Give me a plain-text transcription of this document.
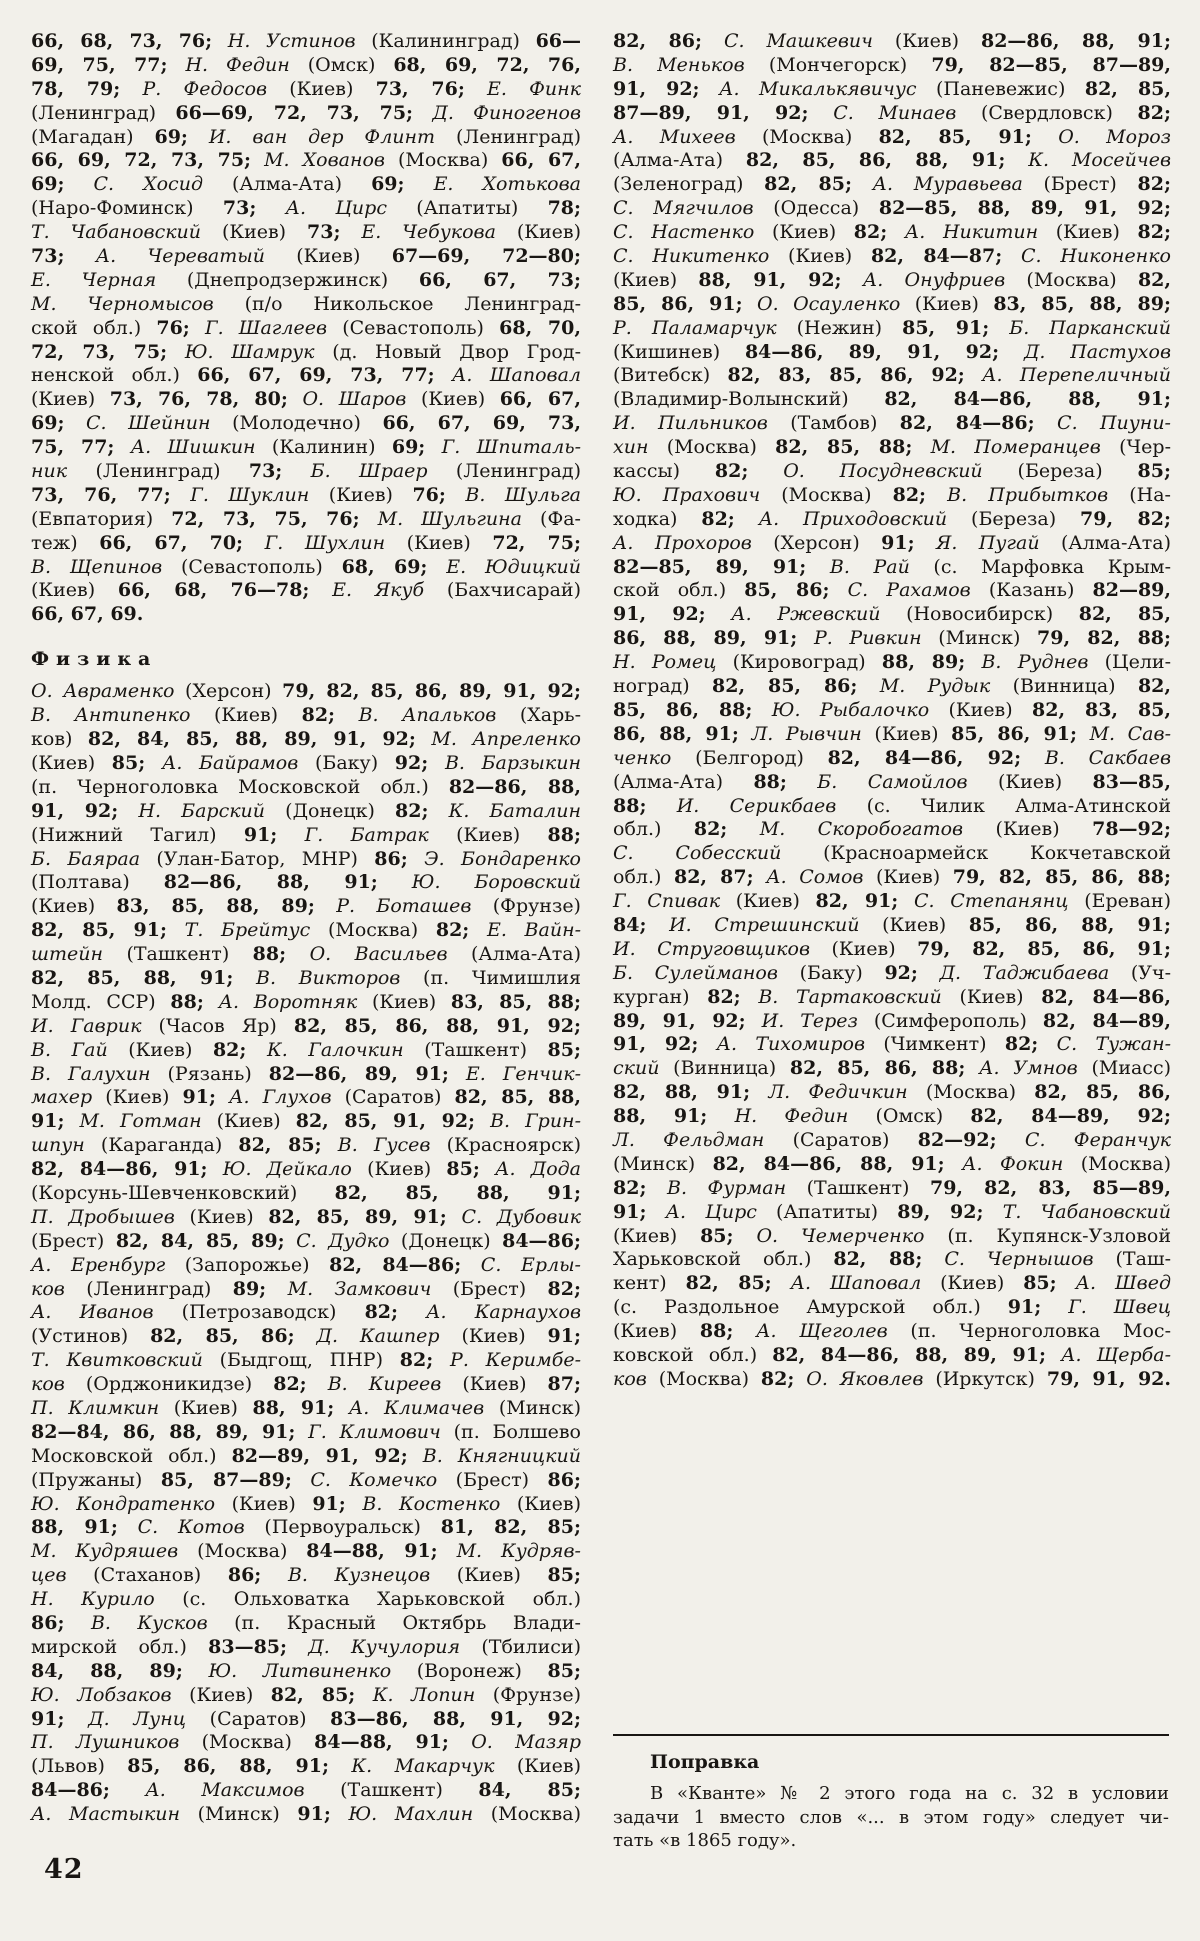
66, 68, 73, 76; Н. Устинов (Калининград) 66—
69, 75, 77; Н. Федин (Омск) 68, 69, 72, 76,
78, 79; Р. Федосов (Киев) 73, 76; Е. Финк
(Ленинград) 66—69, 72, 73, 75; Д. Финогенов
(Магадан) 69; И. ван дер Флинт (Ленинград)
66, 69, 72, 73, 75; М. Хованов (Москва) 66, 67,
69; С. Хосид (Алма-Ата) 69; Е. Хотькова
(Наро-Фоминск) 73; А. Цирс (Апатиты) 78;
Т. Чабановский (Киев) 73; Е. Чебукова (Киев)
73; А. Череватый (Киев) 67—69, 72—80;
Е. Черная (Днепродзержинск) 66, 67, 73;
М. Черномысов (п/о Никольское Ленинград-
ской обл.) 76; Г. Шаглеев (Севастополь) 68, 70,
72, 73, 75; Ю. Шамрук (д. Новый Двор Грод-
ненской обл.) 66, 67, 69, 73, 77; А. Шаповал
(Киев) 73, 76, 78, 80; О. Шаров (Киев) 66, 67,
69; С. Шейнин (Молодечно) 66, 67, 69, 73,
75, 77; А. Шишкин (Калинин) 69; Г. Шпиталь-
ник (Ленинград) 73; Б. Шраер (Ленинград)
73, 76, 77; Г. Шуклин (Киев) 76; В. Шульга
(Евпатория) 72, 73, 75, 76; М. Шульгина (Фа-
теж) 66, 67, 70; Г. Шухлин (Киев) 72, 75;
В. Щепинов (Севастополь) 68, 69; Е. Юдицкий
(Киев) 66, 68, 76—78; Е. Якуб (Бахчисарай)
66, 67, 69.
Физика
О. Авраменко (Херсон) 79, 82, 85, 86, 89, 91, 92;
В. Антипенко (Киев) 82; В. Апальков (Харь-
ков) 82, 84, 85, 88, 89, 91, 92; М. Апреленко
(Киев) 85; А. Байрамов (Баку) 92; В. Барзыкин
(п. Черноголовка Московской обл.) 82—86, 88,
91, 92; Н. Барский (Донецк) 82; К. Баталин
(Нижний Тагил) 91; Г. Батрак (Киев) 88;
Б. Баяраа (Улан-Батор, МНР) 86; Э. Бондаренко
(Полтава) 82—86, 88, 91; Ю. Боровский
(Киев) 83, 85, 88, 89; Р. Боташев (Фрунзе)
82, 85, 91; Т. Брейтус (Москва) 82; Е. Вайн-
штейн (Ташкент) 88; О. Васильев (Алма-Ата)
82, 85, 88, 91; В. Викторов (п. Чимишлия
Молд. ССР) 88; А. Воротняк (Киев) 83, 85, 88;
И. Гаврик (Часов Яр) 82, 85, 86, 88, 91, 92;
В. Гай (Киев) 82; К. Галочкин (Ташкент) 85;
В. Галухин (Рязань) 82—86, 89, 91; Е. Генчик-
махер (Киев) 91; А. Глухов (Саратов) 82, 85, 88,
91; М. Готман (Киев) 82, 85, 91, 92; В. Грин-
шпун (Караганда) 82, 85; В. Гусев (Красноярск)
82, 84—86, 91; Ю. Дейкало (Киев) 85; А. Дода
(Корсунь-Шевченковский) 82, 85, 88, 91;
П. Дробышев (Киев) 82, 85, 89, 91; С. Дубовик
(Брест) 82, 84, 85, 89; С. Дудко (Донецк) 84—86;
А. Еренбург (Запорожье) 82, 84—86; С. Ерлы-
ков (Ленинград) 89; М. Замкович (Брест) 82;
А. Иванов (Петрозаводск) 82; А. Карнаухов
(Устинов) 82, 85, 86; Д. Кашпер (Киев) 91;
Т. Квитковский (Быдгощ, ПНР) 82; Р. Керимбе-
ков (Орджоникидзе) 82; В. Киреев (Киев) 87;
П. Климкин (Киев) 88, 91; А. Климачев (Минск)
82—84, 86, 88, 89, 91; Г. Климович (п. Болшево
Московской обл.) 82—89, 91, 92; В. Княгницкий
(Пружаны) 85, 87—89; С. Комечко (Брест) 86;
Ю. Кондратенко (Киев) 91; В. Костенко (Киев)
88, 91; С. Котов (Первоуральск) 81, 82, 85;
М. Кудряшев (Москва) 84—88, 91; М. Кудряв-
цев (Стаханов) 86; В. Кузнецов (Киев) 85;
Н. Курило (с. Ольховатка Харьковской обл.)
86; В. Кусков (п. Красный Октябрь Влади-
мирской обл.) 83—85; Д. Кучулория (Тбилиси)
84, 88, 89; Ю. Литвиненко (Воронеж) 85;
Ю. Лобзаков (Киев) 82, 85; К. Лопин (Фрунзе)
91; Д. Лунц (Саратов) 83—86, 88, 91, 92;
П. Лушников (Москва) 84—88, 91; О. Мазяр
(Львов) 85, 86, 88, 91; К. Макарчук (Киев)
84—86; А. Максимов (Ташкент) 84, 85;
А. Мастыкин (Минск) 91; Ю. Махлин (Москва)
82, 86; С. Машкевич (Киев) 82—86, 88, 91;
В. Меньков (Мончегорск) 79, 82—85, 87—89,
91, 92; А. Микалькявичус (Паневежис) 82, 85,
87—89, 91, 92; С. Минаев (Свердловск) 82;
А. Михеев (Москва) 82, 85, 91; О. Мороз
(Алма-Ата) 82, 85, 86, 88, 91; К. Мосейчев
(Зеленоград) 82, 85; А. Муравьева (Брест) 82;
С. Мягчилов (Одесса) 82—85, 88, 89, 91, 92;
С. Настенко (Киев) 82; А. Никитин (Киев) 82;
С. Никитенко (Киев) 82, 84—87; С. Никоненко
(Киев) 88, 91, 92; А. Онуфриев (Москва) 82,
85, 86, 91; О. Осауленко (Киев) 83, 85, 88, 89;
Р. Паламарчук (Нежин) 85, 91; Б. Парканский
(Кишинев) 84—86, 89, 91, 92; Д. Пастухов
(Витебск) 82, 83, 85, 86, 92; А. Перепеличный
(Владимир-Волынский) 82, 84—86, 88, 91;
И. Пильников (Тамбов) 82, 84—86; С. Пиуни-
хин (Москва) 82, 85, 88; М. Померанцев (Чер-
кассы) 82; О. Посудневский (Береза) 85;
Ю. Прахович (Москва) 82; В. Прибытков (На-
ходка) 82; А. Приходовский (Береза) 79, 82;
А. Прохоров (Херсон) 91; Я. Пугай (Алма-Ата)
82—85, 89, 91; В. Рай (с. Марфовка Крым-
ской обл.) 85, 86; С. Рахамов (Казань) 82—89,
91, 92; А. Ржевский (Новосибирск) 82, 85,
86, 88, 89, 91; Р. Ривкин (Минск) 79, 82, 88;
Н. Ромец (Кировоград) 88, 89; В. Руднев (Цели-
ноград) 82, 85, 86; М. Рудык (Винница) 82,
85, 86, 88; Ю. Рыбалочко (Киев) 82, 83, 85,
86, 88, 91; Л. Рывчин (Киев) 85, 86, 91; М. Сав-
ченко (Белгород) 82, 84—86, 92; В. Сакбаев
(Алма-Ата) 88; Б. Самойлов (Киев) 83—85,
88; И. Серикбаев (с. Чилик Алма-Атинской
обл.) 82; М. Скоробогатов (Киев) 78—92;
С. Собесский (Красноармейск Кокчетавской
обл.) 82, 87; А. Сомов (Киев) 79, 82, 85, 86, 88;
Г. Спивак (Киев) 82, 91; С. Степанянц (Ереван)
84; И. Стрешинский (Киев) 85, 86, 88, 91;
И. Струговщиков (Киев) 79, 82, 85, 86, 91;
Б. Сулейманов (Баку) 92; Д. Таджибаева (Уч-
курган) 82; В. Тартаковский (Киев) 82, 84—86,
89, 91, 92; И. Терез (Симферополь) 82, 84—89,
91, 92; А. Тихомиров (Чимкент) 82; С. Тужан-
ский (Винница) 82, 85, 86, 88; А. Умнов (Миасс)
82, 88, 91; Л. Федичкин (Москва) 82, 85, 86,
88, 91; Н. Федин (Омск) 82, 84—89, 92;
Л. Фельдман (Саратов) 82—92; С. Феранчук
(Минск) 82, 84—86, 88, 91; А. Фокин (Москва)
82; В. Фурман (Ташкент) 79, 82, 83, 85—89,
91; А. Цирс (Апатиты) 89, 92; Т. Чабановский
(Киев) 85; О. Чемерченко (п. Купянск-Узловой
Харьковской обл.) 82, 88; С. Чернышов (Таш-
кент) 82, 85; А. Шаповал (Киев) 85; А. Швед
(с. Раздольное Амурской обл.) 91; Г. Швец
(Киев) 88; А. Щеголев (п. Черноголовка Мос-
ковской обл.) 82, 84—86, 88, 89, 91; А. Щерба-
ков (Москва) 82; О. Яковлев (Иркутск) 79, 91, 92.
Поправка
В «Кванте» № 2 этого года на с. 32 в условии
задачи 1 вместо слов «... в этом году» следует чи-
тать «в 1865 году».
42
